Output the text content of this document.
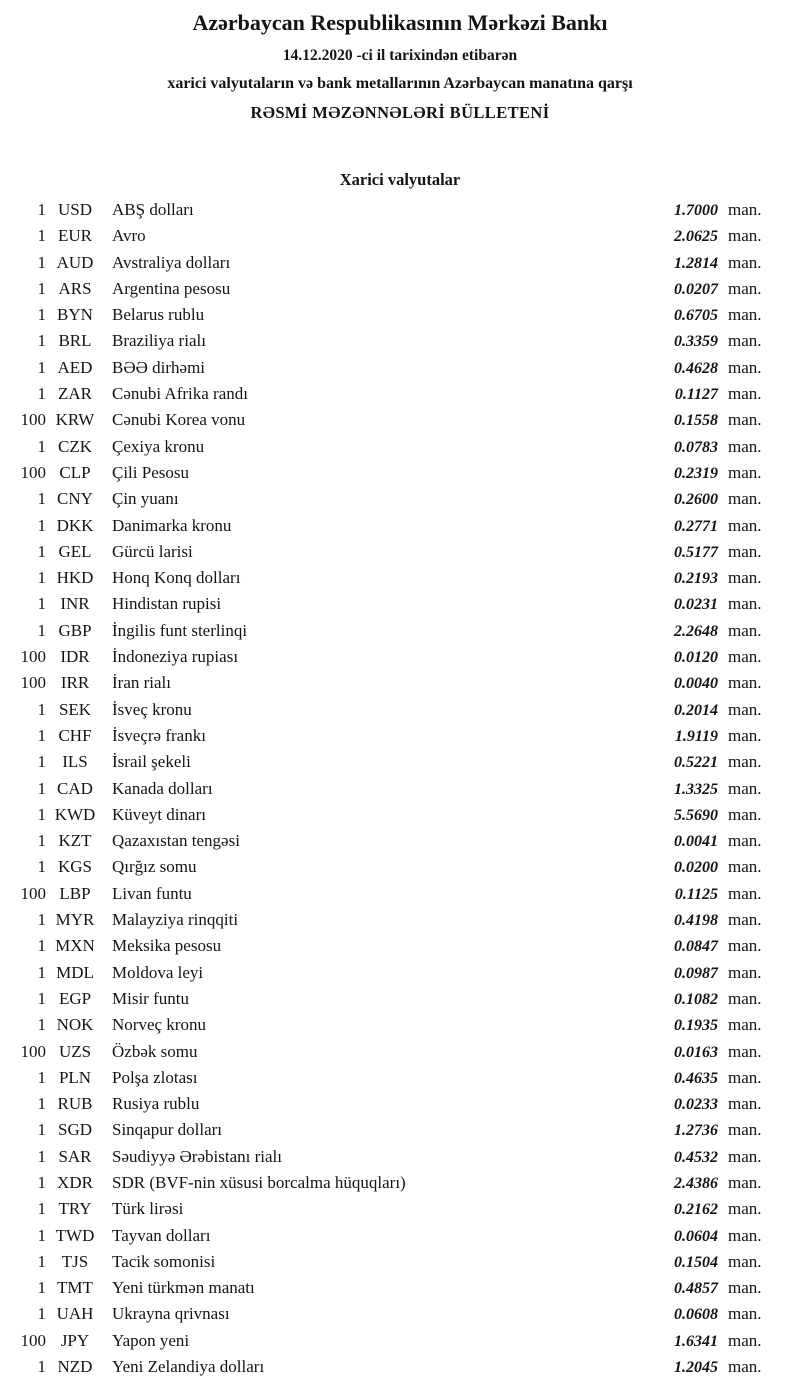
Azərbaycan Respublikasının Mərkəzi Bankı
14.12.2020 -ci il tarixindən etibarən
xarici valyutaların və bank metallarının Azərbaycan manatına qarşı
RƏSMİ MƏZƏNNƏLƏRİ BÜLLETENİ
Xarici valyutalar
1 USD	ABŞ dolları	1.7000 man.
1 EUR	Avro	2.0625 man.
1 AUD	Avstraliya dolları	1.2814 man.
1 ARS	Argentina pesosu	0.0207 man.
1 BYN	Belarus rublu	0.6705 man.
1 BRL	Braziliya rialı	0.3359 man.
1 AED	BƏƏ dirhəmi	0.4628 man.
1 ZAR	Cənubi Afrika randı	0.1127 man.
100 KRW	Cənubi Korea vonu	0.1558 man.
1 CZK	Çexiya kronu	0.0783 man.
100 CLP	Çili Pesosu	0.2319 man.
1 CNY	Çin yuanı	0.2600 man.
1 DKK	Danimarka kronu	0.2771 man.
1 GEL	Gürcü larisi	0.5177 man.
1 HKD	Honq Konq dolları	0.2193 man.
1 INR	Hindistan rupisi	0.0231 man.
1 GBP	İngilis funt sterlinqi	2.2648 man.
100 IDR	İndoneziya rupiası	0.0120 man.
100 IRR	İran rialı	0.0040 man.
1 SEK	İsveç kronu	0.2014 man.
1 CHF	İsveçrə frankı	1.9119 man.
1 ILS	İsrail şekeli	0.5221 man.
1 CAD	Kanada dolları	1.3325 man.
1 KWD Küveyt dinarı	5.5690 man.
1 KZT	Qazaxıstan tengəsi	0.0041 man.
1 KGS	Qırğız somu	0.0200 man.
100 LBP	Livan funtu	0.1125 man.
1 MYR	Malayziya rinqqiti	0.4198 man.
1 MXN	Meksika pesosu	0.0847 man.
1 MDL	Moldova leyi	0.0987 man.
1 EGP	Misir funtu	0.1082 man.
1 NOK	Norveç kronu	0.1935 man.
100 UZS	Özbək somu	0.0163 man.
1 PLN	Polşa zlotası	0.4635 man.
1 RUB	Rusiya rublu	0.0233 man.
1 SGD	Sinqapur dolları	1.2736 man.
1 SAR	Səudiyyə Ərəbistanı rialı	0.4532 man.
1 XDR	SDR (BVF-nin xüsusi borcalma hüquqları)	2.4386 man.
1 TRY	Türk lirəsi	0.2162 man.
1 TWD	Tayvan dolları	0.0604 man.
1 TJS	Tacik somonisi	0.1504 man.
1 TMT	Yeni türkmən manatı	0.4857 man.
1 UAH	Ukrayna qrivnası	0.0608 man.
100 JPY	Yapon yeni	1.6341 man.
1 NZD	Yeni Zelandiya dolları	1.2045 man.
